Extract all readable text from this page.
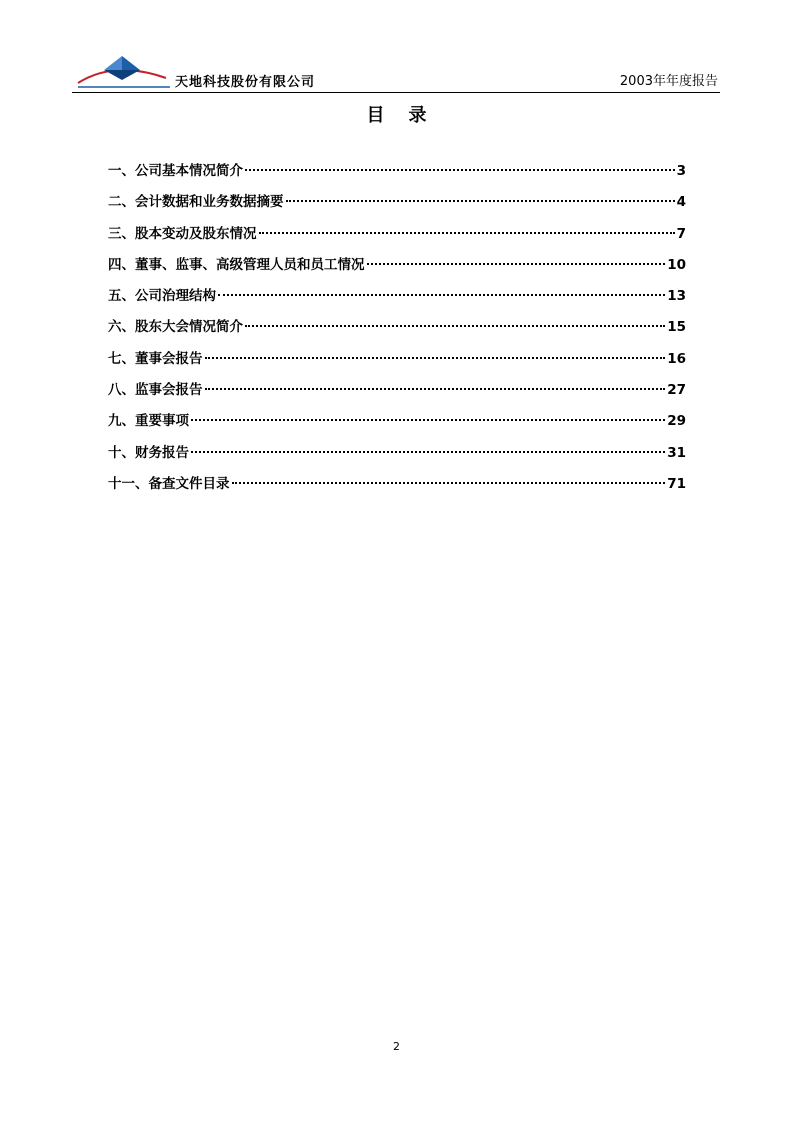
天地科技股份有限公司	2003年年度报告
目录
一、公司基本情况简介	3
二、会计数据和业务数据摘要	4
三、股本变动及股东情况	7
四、董事、监事、高级管理人员和员工情况	10
五、公司治理结构	13
六、股东大会情况简介	15
七、董事会报告	16
八、监事会报告	27
九、重要事项	29
十、财务报告	31
十一、备查文件目录	71
2
